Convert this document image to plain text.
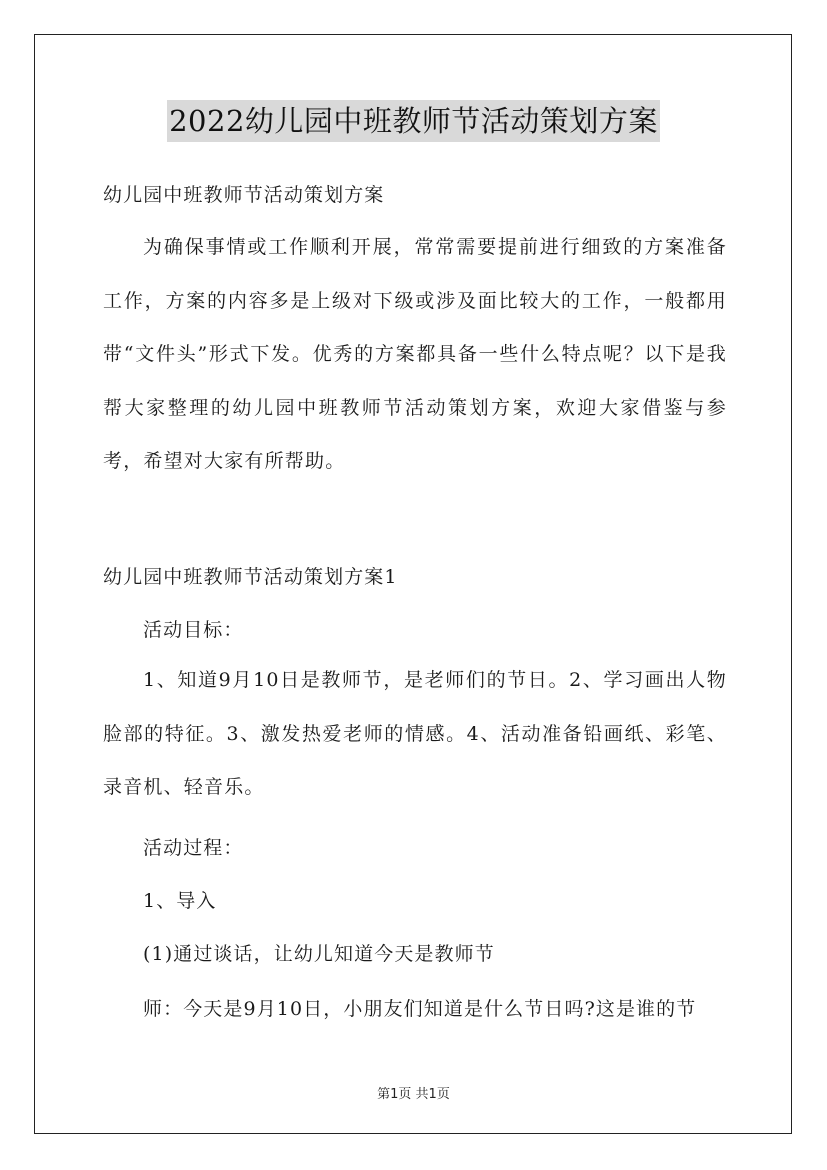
2022幼儿园中班教师节活动策划方案
幼儿园中班教师节活动策划方案

为确保事情或工作顺利开展，常常需要提前进行细致的方案准备工作，方案的内容多是上级对下级或涉及面比较大的工作，一般都用带“文件头”形式下发。优秀的方案都具备一些什么特点呢？以下是我帮大家整理的幼儿园中班教师节活动策划方案，欢迎大家借鉴与参考，希望对大家有所帮助。

幼儿园中班教师节活动策划方案1
活动目标：

1、知道9月10日是教师节，是老师们的节日。2、学习画出人物脸部的特征。3、激发热爱老师的情感。4、活动准备铅画纸、彩笔、录音机、轻音乐。

活动过程：
1、导入
(1)通过谈话，让幼儿知道今天是教师节
师：今天是9月10日，小朋友们知道是什么节日吗?这是谁的节
第1页 共1页
